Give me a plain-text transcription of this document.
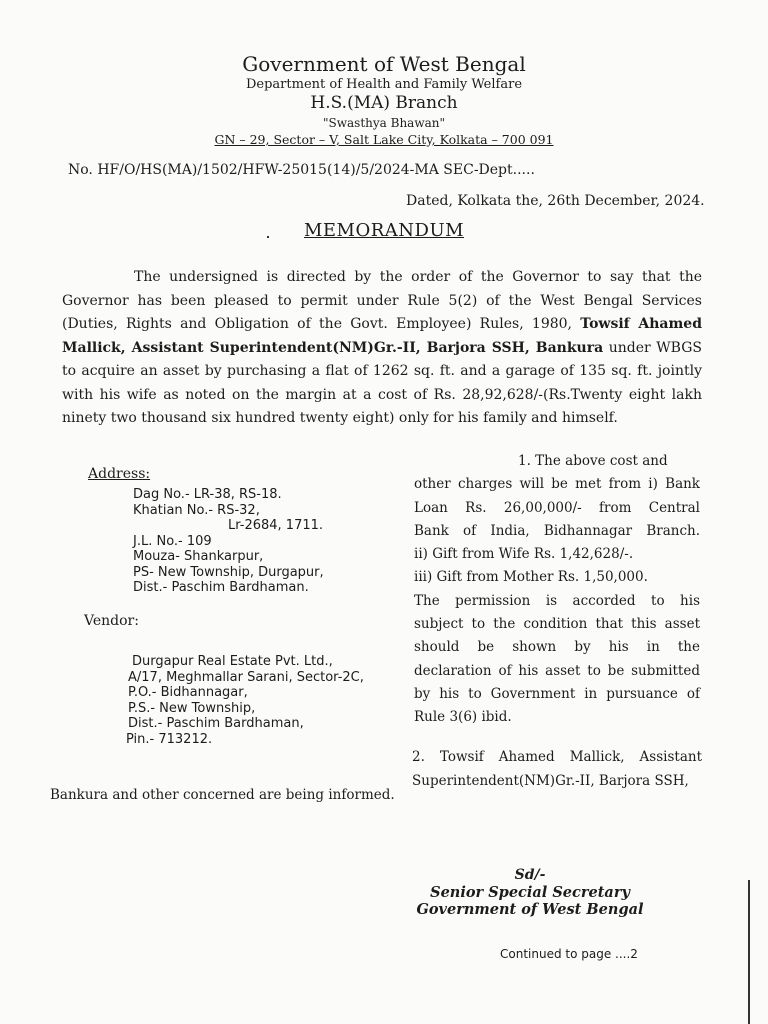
Government of West Bengal
Department of Health and Family Welfare
H.S.(MA) Branch
"Swasthya Bhawan"
GN – 29, Sector – V, Salt Lake City, Kolkata – 700 091
No. HF/O/HS(MA)/1502/HFW-25015(14)/5/2024-MA SEC-Dept.....
Dated, Kolkata the, 26th December, 2024.
MEMORANDUM
The undersigned is directed by the order of the Governor to say that the Governor has been pleased to permit under Rule 5(2) of the West Bengal Services (Duties, Rights and Obligation of the Govt. Employee) Rules, 1980, Towsif Ahamed Mallick, Assistant Superintendent(NM)Gr.-II, Barjora SSH, Bankura under WBGS to acquire an asset by purchasing a flat of 1262 sq. ft. and a garage of 135 sq. ft. jointly with his wife as noted on the margin at a cost of Rs. 28,92,628/-(Rs.Twenty eight lakh ninety two thousand six hundred twenty eight) only for his family and himself.
Address:
Dag No.- LR-38, RS-18.
Khatian No.- RS-32,
Lr-2684, 1711.
J.L. No.- 109
Mouza- Shankarpur,
PS- New Township, Durgapur,
Dist.- Paschim Bardhaman.
Vendor:
Durgapur Real Estate Pvt. Ltd.,
A/17, Meghmallar Sarani, Sector-2C,
P.O.- Bidhannagar,
P.S.- New Township,
Dist.- Paschim Bardhaman,
Pin.- 713212.
1. The above cost and
other charges will be met from i) Bank
Loan Rs. 26,00,000/- from Central
Bank of India, Bidhannagar Branch.
ii) Gift from Wife Rs. 1,42,628/-.
iii) Gift from Mother Rs. 1,50,000.
The permission is accorded to his
subject to the condition that this asset
should be shown by his in the
declaration of his asset to be submitted
by his to Government in pursuance of
Rule 3(6) ibid.
2. Towsif Ahamed Mallick, Assistant
Superintendent(NM)Gr.-II, Barjora SSH,
Bankura and other concerned are being informed.
Sd/-
Senior Special Secretary
Government of West Bengal
Continued to page ....2
